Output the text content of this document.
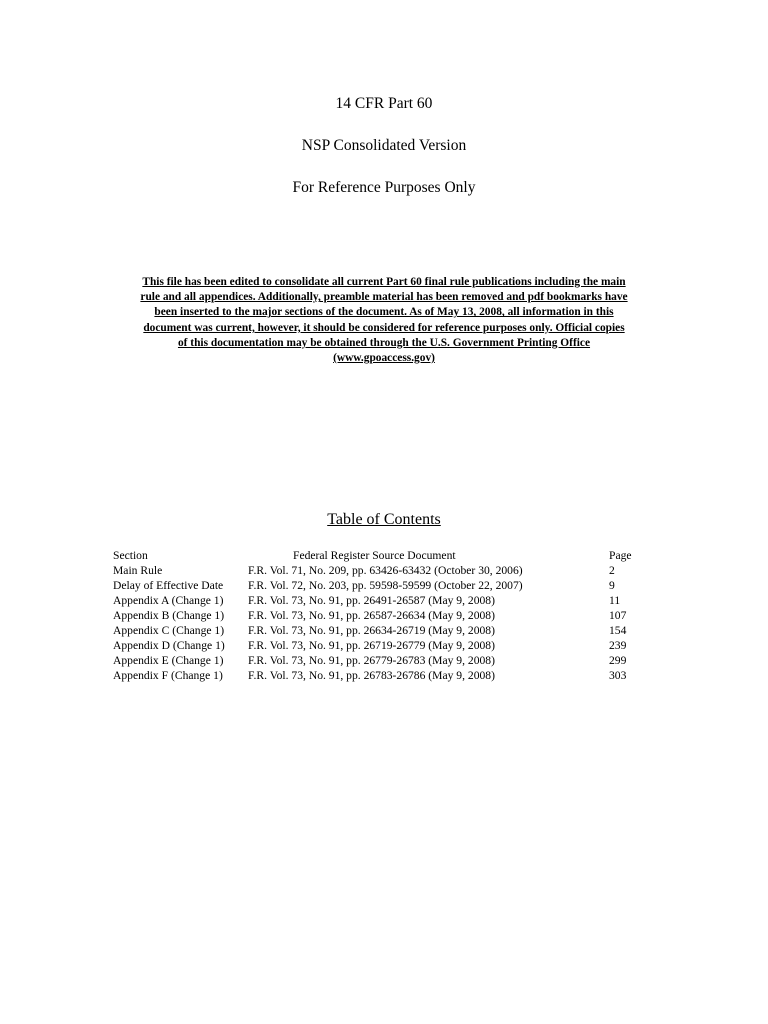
14 CFR Part 60
NSP Consolidated Version
For Reference Purposes Only
This file has been edited to consolidate all current Part 60 final rule publications including the main
rule and all appendices. Additionally, preamble material has been removed and pdf bookmarks have
been inserted to the major sections of the document. As of May 13, 2008, all information in this
document was current, however, it should be considered for reference purposes only. Official copies
of this documentation may be obtained through the U.S. Government Printing Office
(www.gpoaccess.gov)
Table of Contents
Section	Federal Register Source Document	Page
Main Rule	F.R. Vol. 71, No. 209, pp. 63426-63432 (October 30, 2006)	2
Delay of Effective Date F.R. Vol. 72, No. 203, pp. 59598-59599 (October 22, 2007)	9
Appendix A (Change 1) F.R. Vol. 73, No. 91, pp. 26491-26587 (May 9, 2008)	11
Appendix B (Change 1) F.R. Vol. 73, No. 91, pp. 26587-26634 (May 9, 2008)	107
Appendix C (Change 1) F.R. Vol. 73, No. 91, pp. 26634-26719 (May 9, 2008)	154
Appendix D (Change 1) F.R. Vol. 73, No. 91, pp. 26719-26779 (May 9, 2008)	239
Appendix E (Change 1) F.R. Vol. 73, No. 91, pp. 26779-26783 (May 9, 2008)	299
Appendix F (Change 1) F.R. Vol. 73, No. 91, pp. 26783-26786 (May 9, 2008)	303
